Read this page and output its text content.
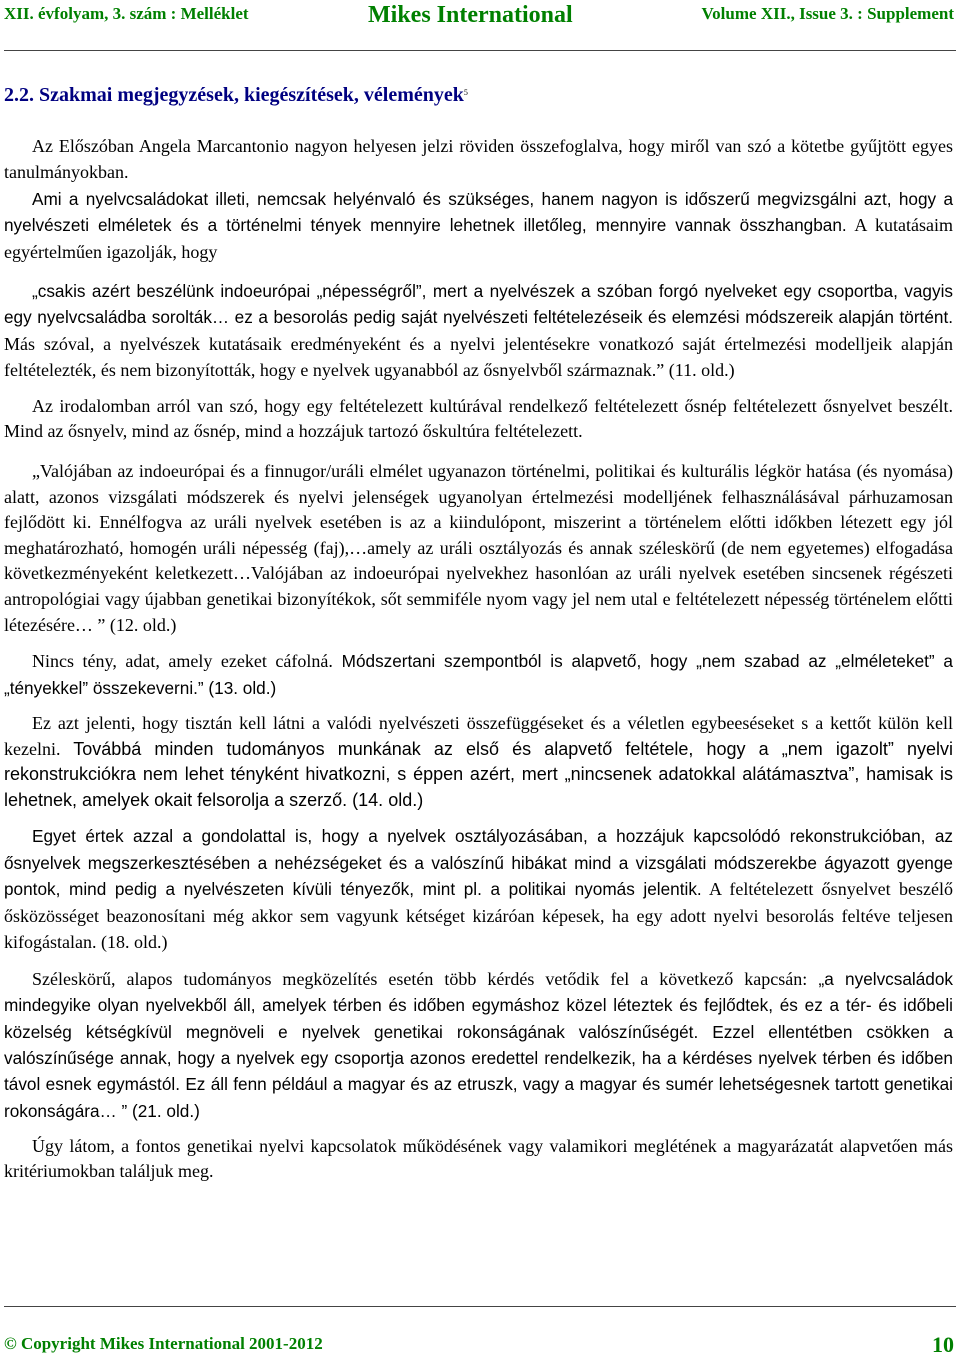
XII. évfolyam, 3. szám : Melléklet	Mikes International	Volume XII., Issue 3. : Supplement
2.2. Szakmai megjegyzések, kiegészítések, vélemények$^5$

Az Előszóban Angela Marcantonio nagyon helyesen jelzi röviden összefoglalva, hogy miről van szó a kötetbe gyűjtött egyes tanulmányokban.

Ami a nyelvcsaládokat illeti, nemcsak helyénvaló és szükséges, hanem nagyon is időszerű megvizsgálni azt, hogy a nyelvészeti elméletek és a történelmi tények mennyire lehetnek illetőleg, mennyire vannak összhangban. A kutatásaim egyértelműen igazolják, hogy

„csakis azért beszélünk indoeurópai „népességről”, mert a nyelvészek a szóban forgó nyelveket egy csoportba, vagyis egy nyelvcsaládba sorolták… ez a besorolás pedig saját nyelvészeti feltételezéseik és elemzési módszereik alapján történt. Más szóval, a nyelvészek kutatásaik eredményeként és a nyelvi jelentésekre vonatkozó saját értelmezési modelljeik alapján feltételezték, és nem bizonyították, hogy e nyelvek ugyanabból az ősnyelvből származnak.” (11. old.)

Az irodalomban arról van szó, hogy egy feltételezett kultúrával rendelkező feltételezett ősnép feltételezett ősnyelvet beszélt. Mind az ősnyelv, mind az ősnép, mind a hozzájuk tartozó őskultúra feltételezett.

„Valójában az indoeurópai és a finnugor/uráli elmélet ugyanazon történelmi, politikai és kulturális légkör hatása (és nyomása) alatt, azonos vizsgálati módszerek és nyelvi jelenségek ugyanolyan értelmezési modelljének felhasználásával párhuzamosan fejlődött ki. Ennélfogva az uráli nyelvek esetében is az a kiindulópont, miszerint a történelem előtti időkben létezett egy jól meghatározható, homogén uráli népesség (faj),…amely az uráli osztályozás és annak széleskörű (de nem egyetemes) elfogadása következményeként keletkezett…Valójában az indoeurópai nyelvekhez hasonlóan az uráli nyelvek esetében sincsenek régészeti antropológiai vagy újabban genetikai bizonyítékok, sőt semmiféle nyom vagy jel nem utal e feltételezett népesség történelem előtti létezésére… ” (12. old.)

Nincs tény, adat, amely ezeket cáfolná. Módszertani szempontból is alapvető, hogy „nem szabad az „elméleteket” a „tényekkel” összekeverni.” (13. old.)

Ez azt jelenti, hogy tisztán kell látni a valódi nyelvészeti összefüggéseket és a véletlen egybeeséseket s a kettőt külön kell kezelni. Továbbá minden tudományos munkának az első és alapvető feltétele, hogy a „nem igazolt” nyelvi rekonstrukciókra nem lehet tényként hivatkozni, s éppen azért, mert „nincsenek adatokkal alátámasztva”, hamisak is lehetnek, amelyek okait felsorolja a szerző. (14. old.)

Egyet értek azzal a gondolattal is, hogy a nyelvek osztályozásában, a hozzájuk kapcsolódó rekonstrukcióban, az ősnyelvek megszerkesztésében a nehézségeket és a valószínű hibákat mind a vizsgálati módszerekbe ágyazott gyenge pontok, mind pedig a nyelvészeten kívüli tényezők, mint pl. a politikai nyomás jelentik. A feltételezett ősnyelvet beszélő ősközösséget beazonosítani még akkor sem vagyunk kétséget kizáróan képesek, ha egy adott nyelvi besorolás feltéve teljesen kifogástalan. (18. old.)

Széleskörű, alapos tudományos megközelítés esetén több kérdés vetődik fel a következő kapcsán: „a nyelvcsaládok mindegyike olyan nyelvekből áll, amelyek térben és időben egymáshoz közel léteztek és fejlődtek, és ez a tér- és időbeli közelség kétségkívül megnöveli e nyelvek genetikai rokonságának valószínűségét. Ezzel ellentétben csökken a valószínűsége annak, hogy a nyelvek egy csoportja azonos eredettel rendelkezik, ha a kérdéses nyelvek térben és időben távol esnek egymástól. Ez áll fenn például a magyar és az etruszk, vagy a magyar és sumér lehetségesnek tartott genetikai rokonságára… ” (21. old.)

Úgy látom, a fontos genetikai nyelvi kapcsolatok működésének vagy valamikori meglétének a magyarázatát alapvetően más kritériumokban találjuk meg.

© Copyright Mikes International 2001-2012	10
